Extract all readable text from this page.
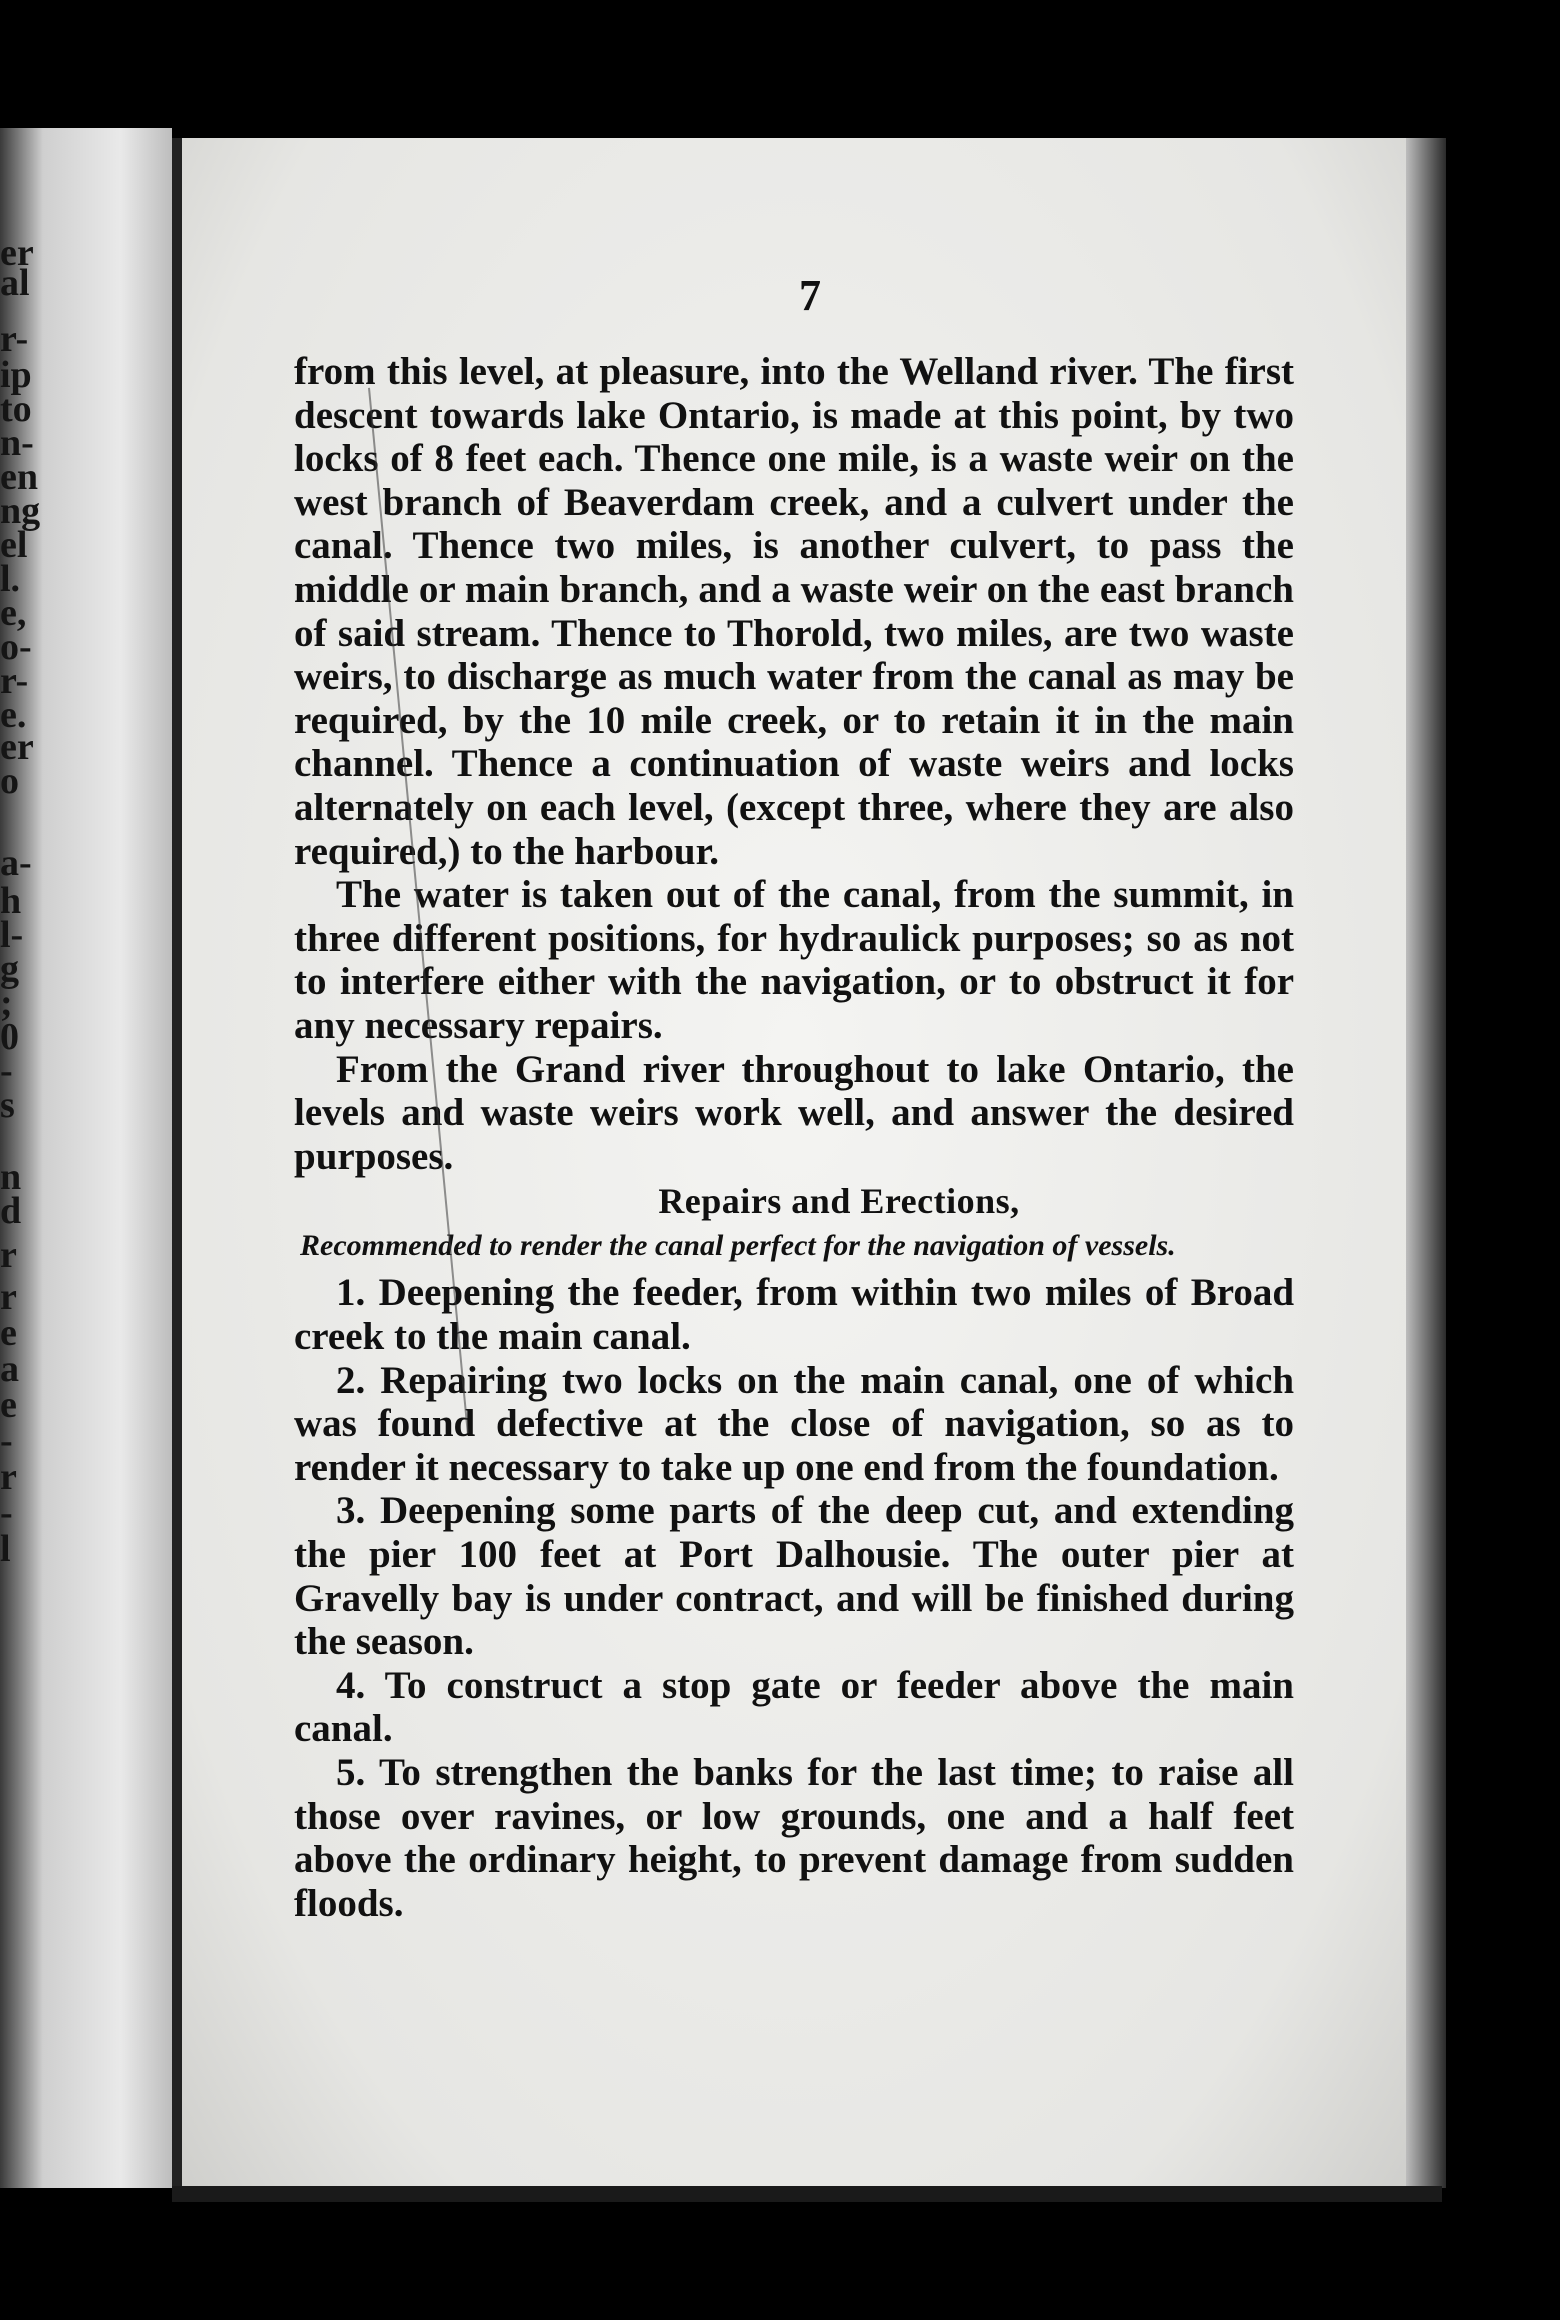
er
al
r-
ip
to
n-
en
ng
el
l.
e,
o-
r-
e.
er
o
a-
h
l-
g
;
0
-
s
n
d
r
r
e
a
e
-
r
-
l
7

from this level, at pleasure, into the Welland river. The first descent towards lake Ontario, is made at this point, by two locks of 8 feet each. Thence one mile, is a waste weir on the west branch of Beaverdam creek, and a culvert under the canal. Thence two miles, is another culvert, to pass the middle or main branch, and a waste weir on the east branch of said stream. Thence to Thorold, two miles, are two waste weirs, to discharge as much water from the canal as may be required, by the 10 mile creek, or to retain it in the main channel. Thence a continuation of waste weirs and locks alternately on each level, (except three, where they are also required,) to the harbour.

The water is taken out of the canal, from the summit, in three different positions, for hydraulick purposes; so as not to interfere either with the navigation, or to obstruct it for any necessary repairs.

From the Grand river throughout to lake Ontario, the levels and waste weirs work well, and answer the desired purposes.

Repairs and Erections,

Recommended to render the canal perfect for the navigation of vessels.

1. Deepening the feeder, from within two miles of Broad creek to the main canal.

2. Repairing two locks on the main canal, one of which was found defective at the close of navigation, so as to render it necessary to take up one end from the foundation.

3. Deepening some parts of the deep cut, and extending the pier 100 feet at Port Dalhousie. The outer pier at Gravelly bay is under contract, and will be finished during the season.

4. To construct a stop gate or feeder above the main canal.

5. To strengthen the banks for the last time; to raise all those over ravines, or low grounds, one and a half feet above the ordinary height, to prevent damage from sudden floods.
